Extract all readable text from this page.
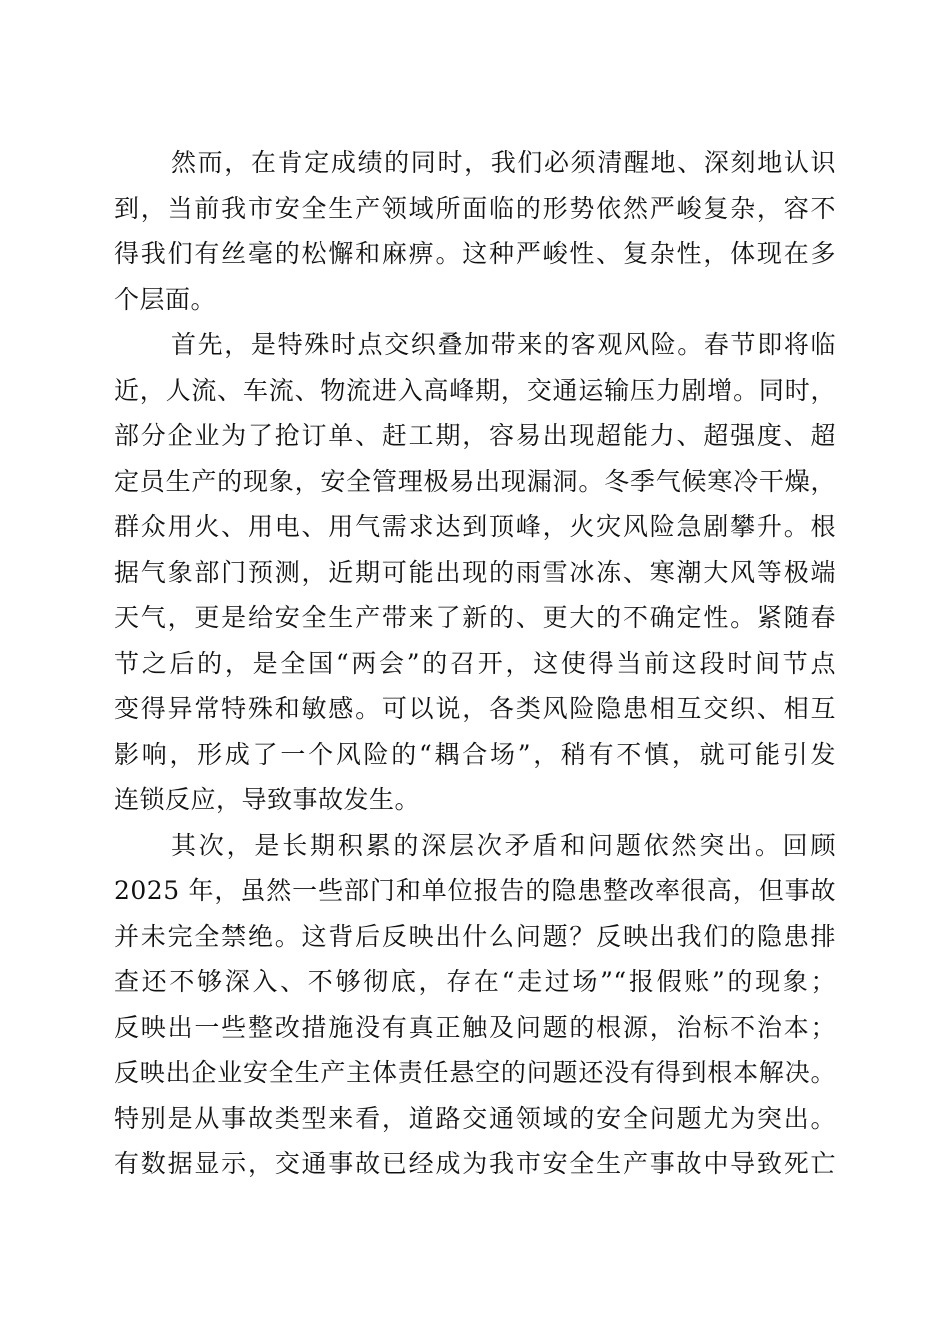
然而，在肯定成绩的同时，我们必须清醒地、深刻地认识
到，当前我市安全生产领域所面临的形势依然严峻复杂，容不
得我们有丝毫的松懈和麻痹。这种严峻性、复杂性，体现在多
个层面。
首先，是特殊时点交织叠加带来的客观风险。春节即将临
近，人流、车流、物流进入高峰期，交通运输压力剧增。同时，
部分企业为了抢订单、赶工期，容易出现超能力、超强度、超
定员生产的现象，安全管理极易出现漏洞。冬季气候寒冷干燥，
群众用火、用电、用气需求达到顶峰，火灾风险急剧攀升。根
据气象部门预测，近期可能出现的雨雪冰冻、寒潮大风等极端
天气，更是给安全生产带来了新的、更大的不确定性。紧随春
节之后的，是全国“两会”的召开，这使得当前这段时间节点
变得异常特殊和敏感。可以说，各类风险隐患相互交织、相互
影响，形成了一个风险的“耦合场”，稍有不慎，就可能引发
连锁反应，导致事故发生。
其次，是长期积累的深层次矛盾和问题依然突出。回顾
2025 年，虽然一些部门和单位报告的隐患整改率很高，但事故
并未完全禁绝。这背后反映出什么问题？反映出我们的隐患排
查还不够深入、不够彻底，存在“走过场”“报假账”的现象；
反映出一些整改措施没有真正触及问题的根源，治标不治本；
反映出企业安全生产主体责任悬空的问题还没有得到根本解决。
特别是从事故类型来看，道路交通领域的安全问题尤为突出。
有数据显示，交通事故已经成为我市安全生产事故中导致死亡
